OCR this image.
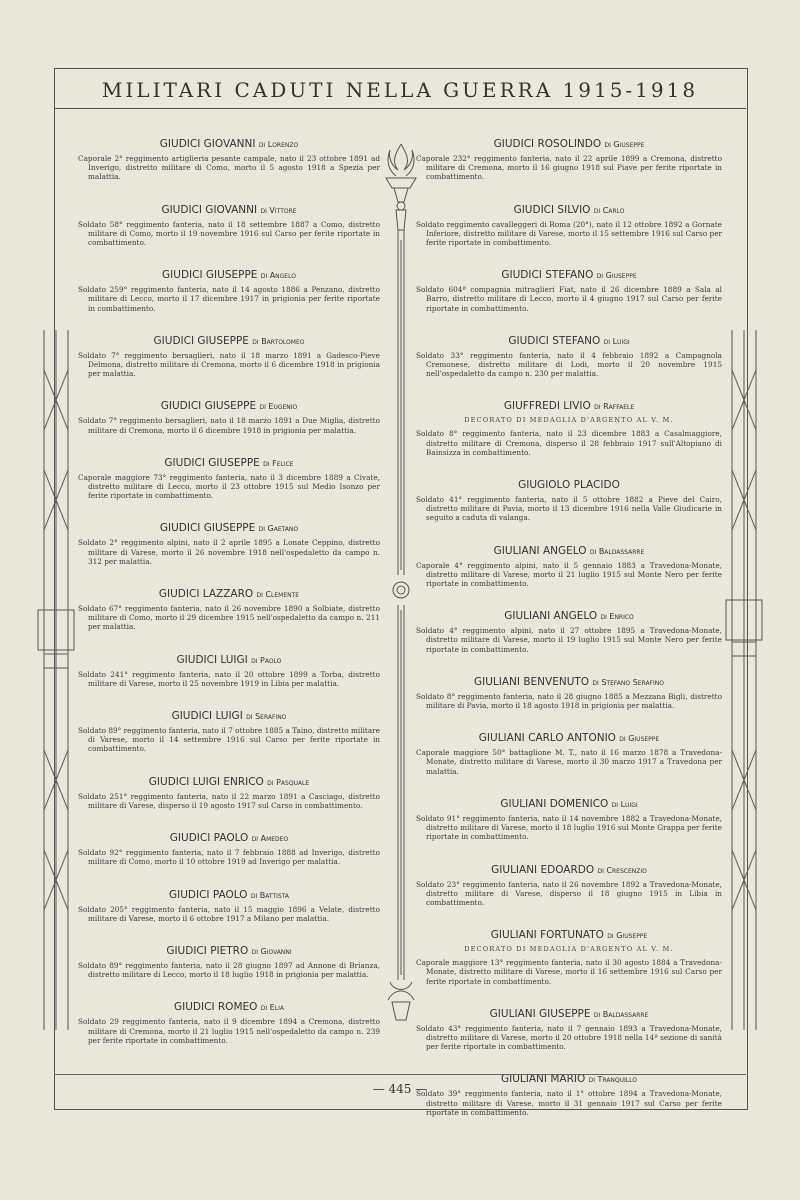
MILITARI CADUTI NELLA GUERRA 1915-1918
GIUDICI GIOVANNI di Lorenzo

Caporale 2° reggimento artiglieria pesante campale, nato il 23 ottobre 1891 ad Inverigo, distretto militare di Como, morto il 5 agosto 1918 a Spezia per malattia.

GIUDICI GIOVANNI di Vittore

Soldato 58° reggimento fanteria, nato il 18 settembre 1887 a Como, distretto militare di Como, morto il 19 novembre 1916 sul Carso per ferite riportate in combattimento.

GIUDICI GIUSEPPE di Angelo

Soldato 259° reggimento fanteria, nato il 14 agosto 1886 a Penzano, distretto militare di Lecco, morto il 17 dicembre 1917 in prigionia per ferite riportate in combattimento.

GIUDICI GIUSEPPE di Bartolomeo

Soldato 7° reggimento bersaglieri, nato il 18 marzo 1891 a Gadesco-Pieve Delmona, distretto militare di Cremona, morto il 6 dicembre 1918 in prigionia per malattia.

GIUDICI GIUSEPPE di Eugenio

Soldato 7° reggimento bersaglieri, nato il 18 marzo 1891 a Due Miglia, distretto militare di Cremona, morto il 6 dicembre 1918 in prigionia per malattia.

GIUDICI GIUSEPPE di Felice

Caporale maggiore 73° reggimento fanteria, nato il 3 dicembre 1889 a Civate, distretto militare di Lecco, morto il 23 ottobre 1915 sul Medio Isonzo per ferite riportate in combattimento.

GIUDICI GIUSEPPE di Gaetano

Soldato 2° reggimento alpini, nato il 2 aprile 1895 a Lonate Ceppino, distretto militare di Varese, morto il 26 novembre 1918 nell'ospedaletto da campo n. 312 per malattia.

GIUDICI LAZZARO di Clemente

Soldato 67° reggimento fanteria, nato il 26 novembre 1890 a Solbiate, distretto militare di Como, morto il 29 dicembre 1915 nell'ospedaletto da campo n. 211 per malattia.

GIUDICI LUIGI di Paolo

Soldato 241° reggimento fanteria, nato il 20 ottobre 1899 a Torba, distretto militare di Varese, morto il 25 novembre 1919 in Libia per malattia.

GIUDICI LUIGI di Serafino

Soldato 89° reggimento fanteria, nato il 7 ottobre 1885 a Taino, distretto militare di Varese, morto il 14 settembre 1916 sul Carso per ferite riportate in combattimento.

GIUDICI LUIGI ENRICO di Pasquale

Soldato 251° reggimento fanteria, nato il 22 marzo 1891 a Casciago, distretto militare di Varese, disperso il 19 agosto 1917 sul Carso in combattimento.

GIUDICI PAOLO di Amedeo

Soldato 92° reggimento fanteria, nato il 7 febbraio 1888 ad Inverigo, distretto militare di Como, morto il 10 ottobre 1919 ad Inverigo per malattia.

GIUDICI PAOLO di Battista

Soldato 205° reggimento fanteria, nato il 15 maggio 1896 a Velate, distretto militare di Varese, morto il 6 ottobre 1917 a Milano per malattia.

GIUDICI PIETRO di Giovanni

Soldato 89° reggimento fanteria, nato il 28 giugno 1897 ad Annone di Brianza, distretto militare di Lecco, morto il 18 luglio 1918 in prigionia per malattia.

GIUDICI ROMEO di Elia

Soldato 29 reggimento fanteria, nato il 9 dicembre 1894 a Cremona, distretto militare di Cremona, morto il 21 luglio 1915 nell'ospedaletto da campo n. 239 per ferite riportate in combattimento.

GIUDICI ROSOLINDO di Giuseppe

Caporale 232° reggimento fanteria, nato il 22 aprile 1899 a Cremona, distretto militare di Cremona, morto il 16 giugno 1918 sul Piave per ferite riportate in combattimento.

GIUDICI SILVIO di Carlo

Soldato reggimento cavalleggeri di Roma (20°), nato il 12 ottobre 1892 a Gornate Inferiore, distretto militare di Varese, morto il 15 settembre 1916 sul Carso per ferite riportate in combattimento.

GIUDICI STEFANO di Giuseppe

Soldato 604ª compagnia mitraglieri Fiat, nato il 26 dicembre 1889 a Sala al Barro, distretto militare di Lecco, morto il 4 giugno 1917 sul Carso per ferite riportate in combattimento.

GIUDICI STEFANO di Luigi

Soldato 33° reggimento fanteria, nato il 4 febbraio 1892 a Campagnola Cremonese, distretto militare di Lodi, morto il 20 novembre 1915 nell'ospedaletto da campo n. 230 per malattia.

GIUFFREDI LIVIO di Raffaele
DECORATO DI MEDAGLIA D'ARGENTO AL V. M.

Soldato 8° reggimento fanteria, nato il 23 dicembre 1883 a Casalmaggiore, distretto militare di Cremona, disperso il 28 febbraio 1917 sull'Altopiano di Bainsizza in combattimento.

GIUGIOLO PLACIDO

Soldato 41° reggimento fanteria, nato il 5 ottobre 1882 a Pieve del Cairo, distretto militare di Pavia, morto il 13 dicembre 1916 nella Valle Giudicarie in seguito a caduta di valanga.

GIULIANI ANGELO di Baldassarre

Caporale 4° reggimento alpini, nato il 5 gennaio 1883 a Travedona-Monate, distretto militare di Varese, morto il 21 luglio 1915 sul Monte Nero per ferite riportate in combattimento.

GIULIANI ANGELO di Enrico

Soldato 4° reggimento alpini, nato il 27 ottobre 1895 a Travedona-Monate, distretto militare di Varese, morto il 19 luglio 1915 sul Monte Nero per ferite riportate in combattimento.

GIULIANI BENVENUTO di Stefano Serafino

Soldato 8° reggimento fanteria, nato il 28 giugno 1885 a Mezzana Bigli, distretto militare di Pavia, morto il 18 agosto 1918 in prigionia per malattia.

GIULIANI CARLO ANTONIO di Giuseppe

Caporale maggiore 50° battaglione M. T., nato il 16 marzo 1878 a Travedona-Monate, distretto militare di Varese, morto il 30 marzo 1917 a Travedona per malattia.

GIULIANI DOMENICO di Luigi

Soldato 91° reggimento fanteria, nato il 14 novembre 1882 a Travedona-Monate, distretto militare di Varese, morto il 18 luglio 1916 sul Monte Grappa per ferite riportate in combattimento.

GIULIANI EDOARDO di Crescenzio

Soldato 23° reggimento fanteria, nato il 26 novembre 1892 a Travedona-Monate, distretto militare di Varese, disperso il 18 giugno 1915 in Libia in combattimento.

GIULIANI FORTUNATO di Giuseppe
DECORATO DI MEDAGLIA D'ARGENTO AL V. M.

Caporale maggiore 13° reggimento fanteria, nato il 30 agosto 1884 a Travedona-Monate, distretto militare di Varese, morto il 16 settembre 1916 sul Carso per ferite riportate in combattimento.

GIULIANI GIUSEPPE di Baldassarre

Soldato 43° reggimento fanteria, nato il 7 gennaio 1893 a Travedona-Monate, distretto militare di Varese, morto il 20 ottobre 1918 nella 14ª sezione di sanità per ferite riportate in combattimento.

GIULIANI MARIO di Tranquillo

Soldato 39° reggimento fanteria, nato il 1° ottobre 1894 a Travedona-Monate, distretto militare di Varese, morto il 31 gennaio 1917 sul Carso per ferite riportate in combattimento.

— 445 —
